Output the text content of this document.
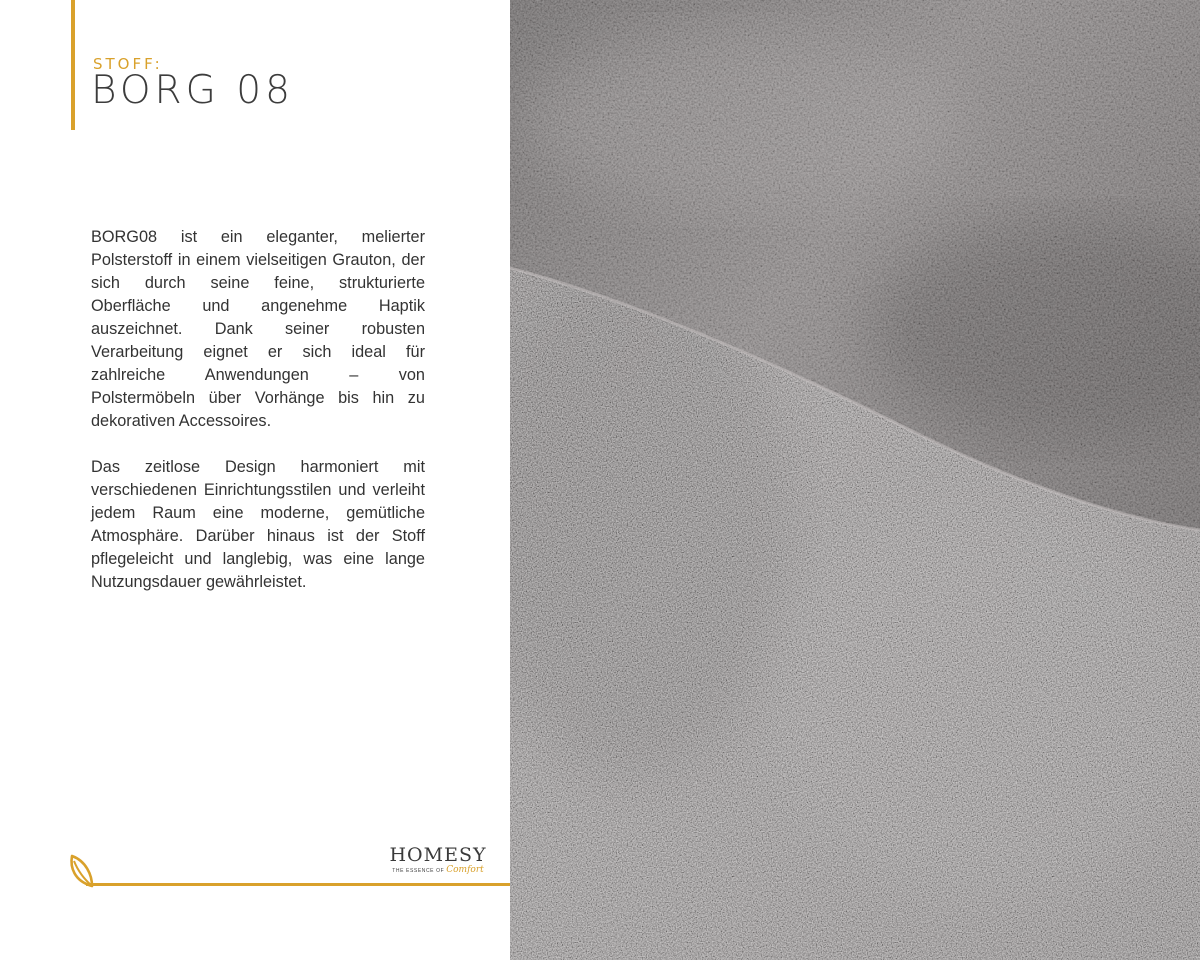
STOFF:
BORG 08

BORG08 ist ein eleganter, melierter Polsterstoff in einem vielseitigen Grauton, der sich durch seine feine, strukturierte Oberfläche und angenehme Haptik auszeichnet. Dank seiner robusten Verarbeitung eignet er sich ideal für zahlreiche Anwendungen – von Polstermöbeln über Vorhänge bis hin zu dekorativen Accessoires.

Das zeitlose Design harmoniert mit verschiedenen Einrichtungsstilen und verleiht jedem Raum eine moderne, gemütliche Atmosphäre. Darüber hinaus ist der Stoff pflegeleicht und langlebig, was eine lange Nutzungsdauer gewährleistet.

HOMESY
THE ESSENCE OF Comfort
